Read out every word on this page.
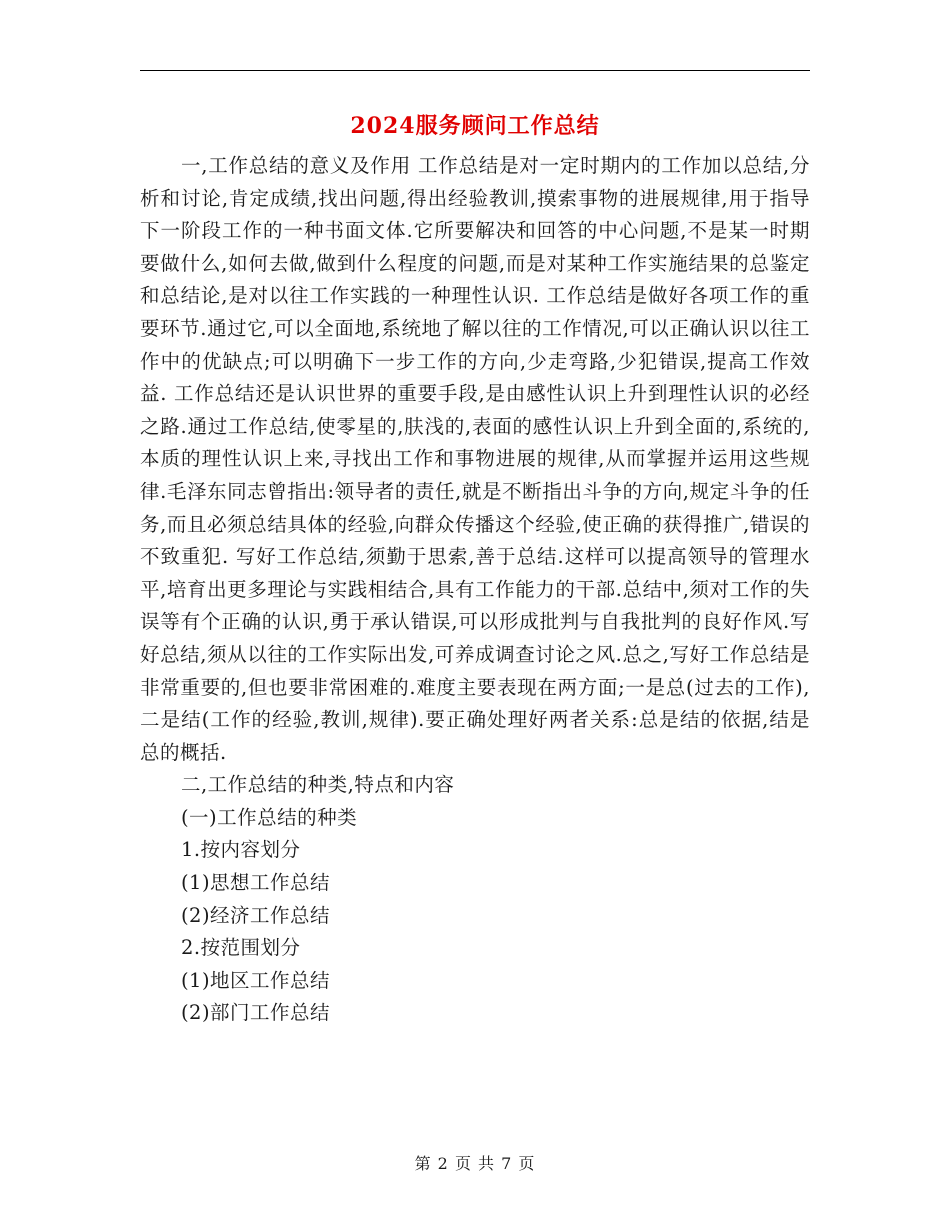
2024服务顾问工作总结

一,工作总结的意义及作用 工作总结是对一定时期内的工作加以总结,分析和讨论,肯定成绩,找出问题,得出经验教训,摸索事物的进展规律,用于指导下一阶段工作的一种书面文体.它所要解决和回答的中心问题,不是某一时期要做什么,如何去做,做到什么程度的问题,而是对某种工作实施结果的总鉴定和总结论,是对以往工作实践的一种理性认识. 工作总结是做好各项工作的重要环节.通过它,可以全面地,系统地了解以往的工作情况,可以正确认识以往工作中的优缺点;可以明确下一步工作的方向,少走弯路,少犯错误,提高工作效益. 工作总结还是认识世界的重要手段,是由感性认识上升到理性认识的必经之路.通过工作总结,使零星的,肤浅的,表面的感性认识上升到全面的,系统的,本质的理性认识上来,寻找出工作和事物进展的规律,从而掌握并运用这些规律.毛泽东同志曾指出:领导者的责任,就是不断指出斗争的方向,规定斗争的任务,而且必须总结具体的经验,向群众传播这个经验,使正确的获得推广,错误的不致重犯. 写好工作总结,须勤于思索,善于总结.这样可以提高领导的管理水平,培育出更多理论与实践相结合,具有工作能力的干部.总结中,须对工作的失误等有个正确的认识,勇于承认错误,可以形成批判与自我批判的良好作风.写好总结,须从以往的工作实际出发,可养成调查讨论之风.总之,写好工作总结是非常重要的,但也要非常困难的.难度主要表现在两方面;一是总(过去的工作),二是结(工作的经验,教训,规律).要正确处理好两者关系:总是结的依据,结是总的概括.

二,工作总结的种类,特点和内容

(一)工作总结的种类

1.按内容划分

(1)思想工作总结

(2)经济工作总结

2.按范围划分

(1)地区工作总结

(2)部门工作总结

第 2 页 共 7 页
